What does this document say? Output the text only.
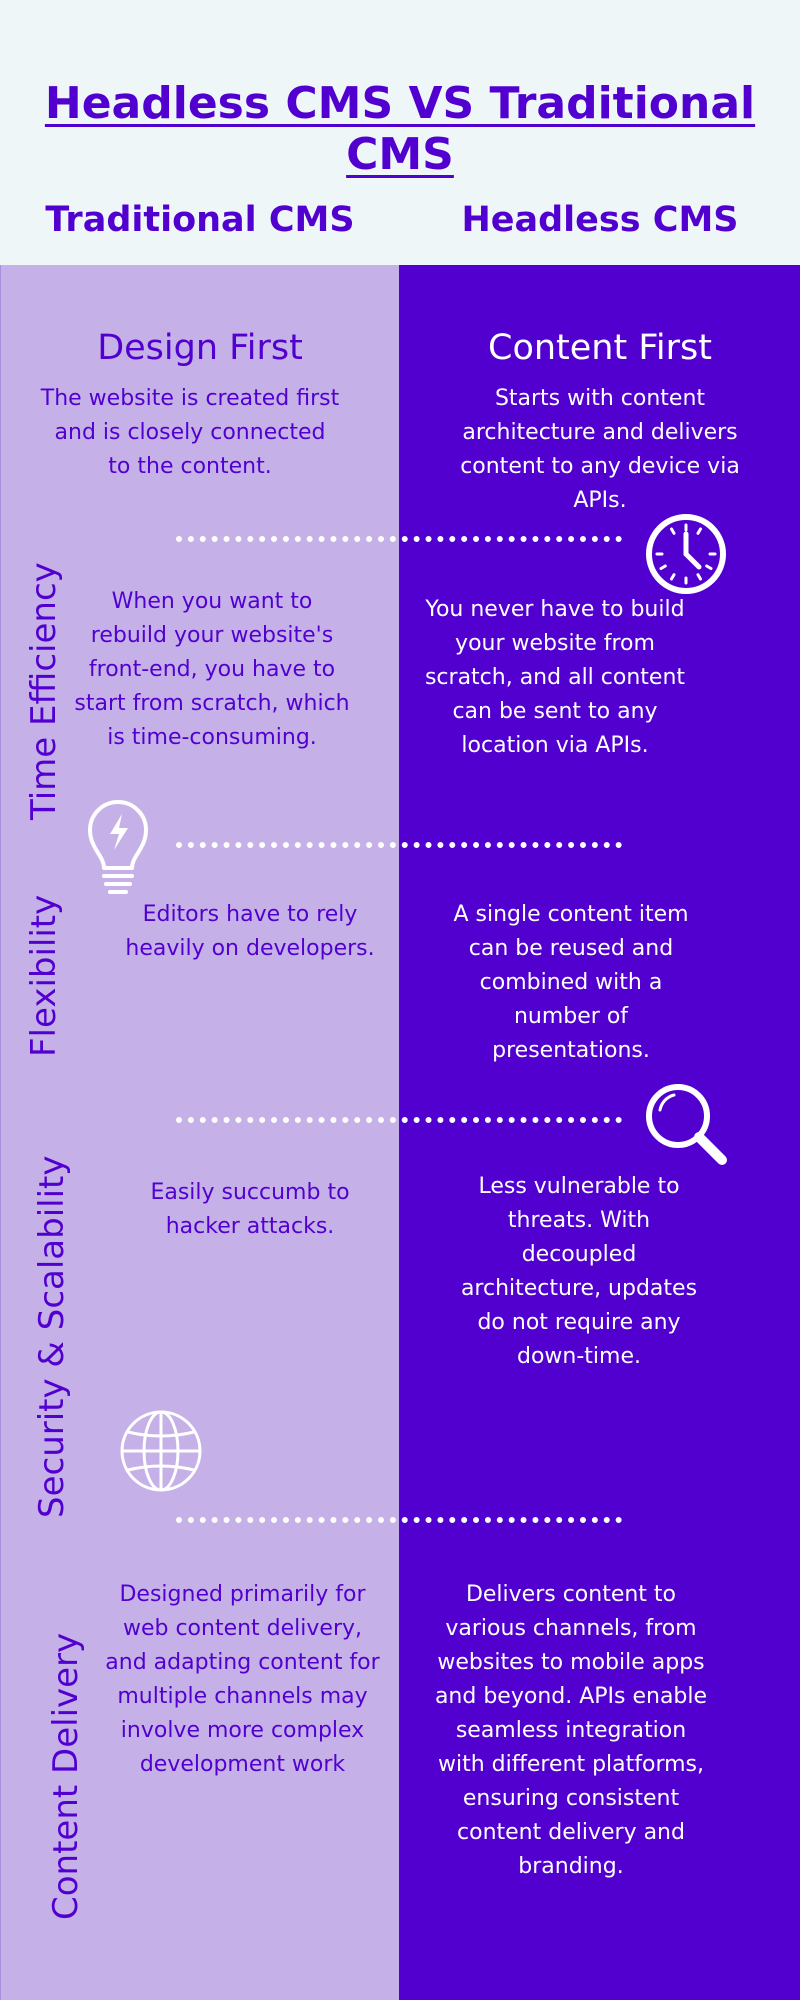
Headless CMS VS Traditional CMS
Traditional CMS	Headless CMS
Design First
The website is created first and is closely connected to the content.
Content First
Starts with content architecture and delivers content to any device via APIs.
Time Efficiency
Flexibility
Security & Scalability
Content Delivery
When you want to rebuild your website's front-end, you have to start from scratch, which is time-consuming.
You never have to build your website from scratch, and all content can be sent to any location via APIs.
Editors have to rely heavily on developers.
A single content item can be reused and combined with a number of presentations.
Easily succumb to hacker attacks.
Less vulnerable to threats. With decoupled architecture, updates do not require any down-time.
Designed primarily for web content delivery, and adapting content for multiple channels may involve more complex development work
Delivers content to various channels, from websites to mobile apps and beyond. APIs enable seamless integration with different platforms, ensuring consistent content delivery and branding.
